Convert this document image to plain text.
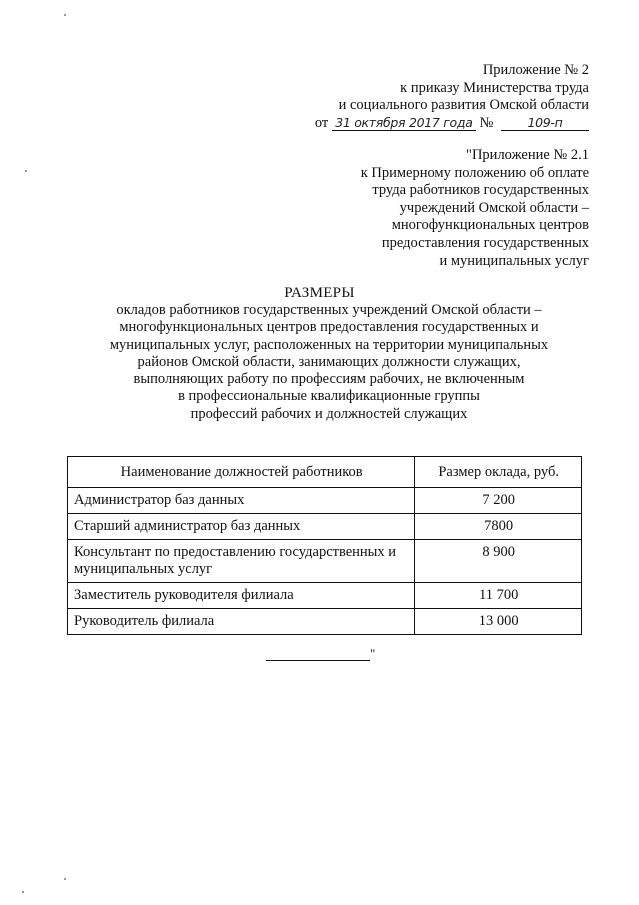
Приложение № 2
к приказу Министерства труда
и социального развития Омской области
от 31 октября 2017 года №	109-п
"Приложение № 2.1
к Примерному положению об оплате
труда работников государственных
учреждений Омской области –
многофункциональных центров
предоставления государственных
и муниципальных услуг
РАЗМЕРЫ
окладов работников государственных учреждений Омской области –
многофункциональных центров предоставления государственных и
муниципальных услуг, расположенных на территории муниципальных
районов Омской области, занимающих должности служащих,
выполняющих работу по профессиям рабочих, не включенным
в профессиональные квалификационные группы
профессий рабочих и должностей служащих
Наименование должностей работников	Размер оклада, руб.
Администратор баз данных	7 200
Старший администратор баз данных	7800
Консультант по предоставлению государственных и муниципальных услуг	8 900
Заместитель руководителя филиала	11 700
Руководитель филиала	13 000
"
